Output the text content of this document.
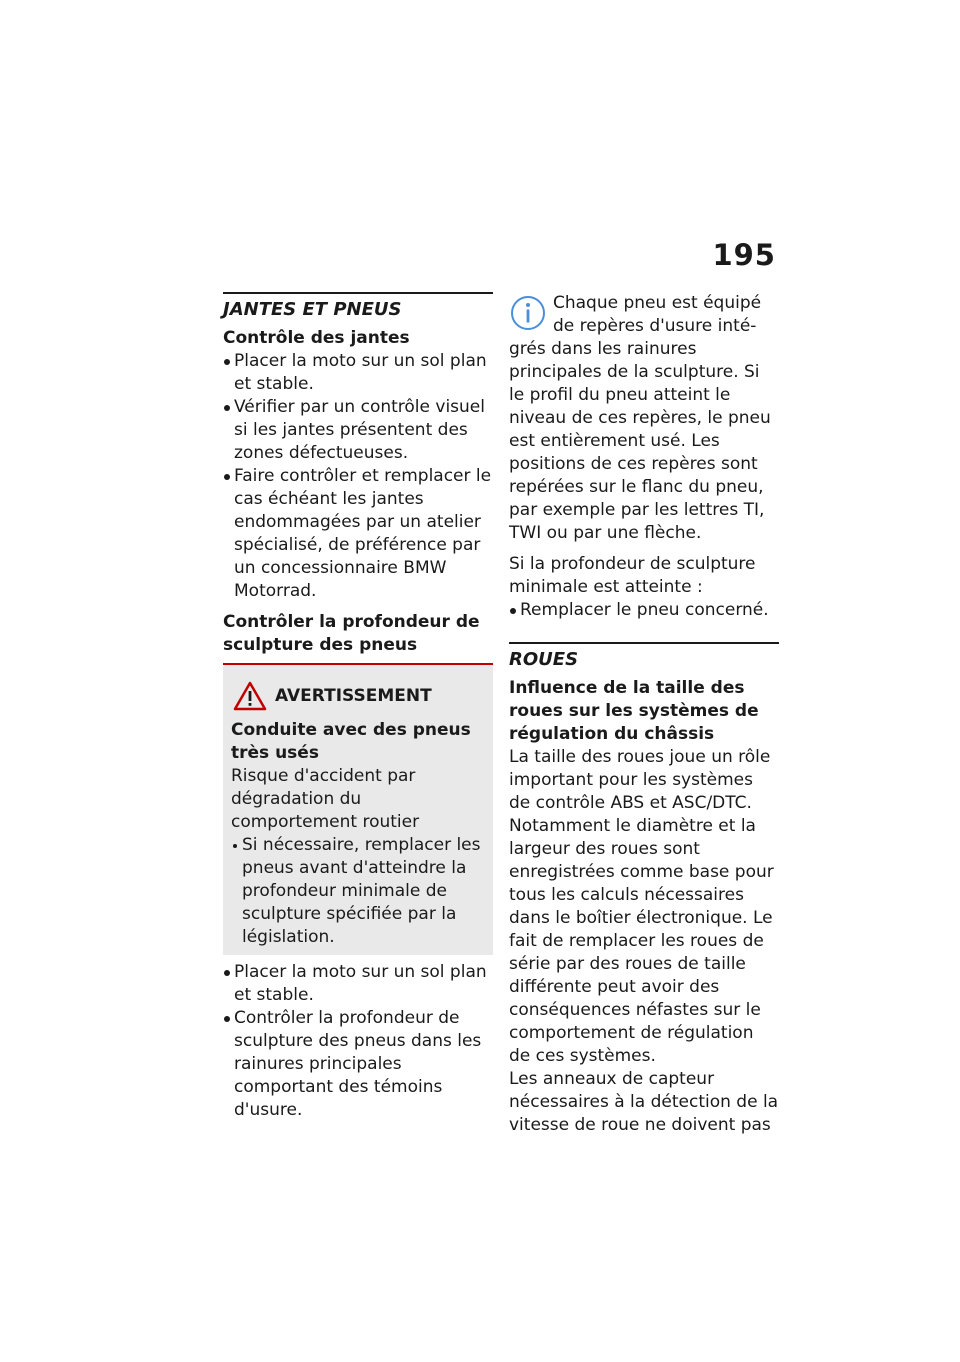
195
JANTES ET PNEUS
Contrôle des jantes
Placer la moto sur un sol plan et stable.
Vérifier par un contrôle visuel si les jantes présentent des zones défectueuses.
Faire contrôler et remplacer le cas échéant les jantes endommagées par un atelier spécialisé, de préférence par un concessionnaire BMW Motorrad.
Contrôler la profondeur de sculpture des pneus
AVERTISSEMENT
Conduite avec des pneus très usés

Risque d'accident par dégradation du comportement routier

Si nécessaire, remplacer les pneus avant d'atteindre la profondeur minimale de sculpture spécifiée par la législation.
Placer la moto sur un sol plan et stable.
Contrôler la profondeur de sculpture des pneus dans les rainures principales comportant des témoins d'usure.

Chaque pneu est équipé

de repères d'usure inté-

grés dans les rainures principales de la sculpture. Si le profil du pneu atteint le niveau de ces repères, le pneu est entièrement usé. Les positions de ces repères sont repérées sur le flanc du pneu, par exemple par les lettres TI, TWI ou par une flèche.

Si la profondeur de sculpture minimale est atteinte :

Remplacer le pneu concerné.
ROUES
Influence de la taille des roues sur les systèmes de régulation du châssis

La taille des roues joue un rôle important pour les systèmes de contrôle ABS et ASC/DTC. Notamment le diamètre et la largeur des roues sont enregistrées comme base pour tous les calculs nécessaires dans le boîtier électronique. Le fait de remplacer les roues de série par des roues de taille différente peut avoir des conséquences néfastes sur le comportement de régulation de ces systèmes.

Les anneaux de capteur nécessaires à la détection de la vitesse de roue ne doivent pas
